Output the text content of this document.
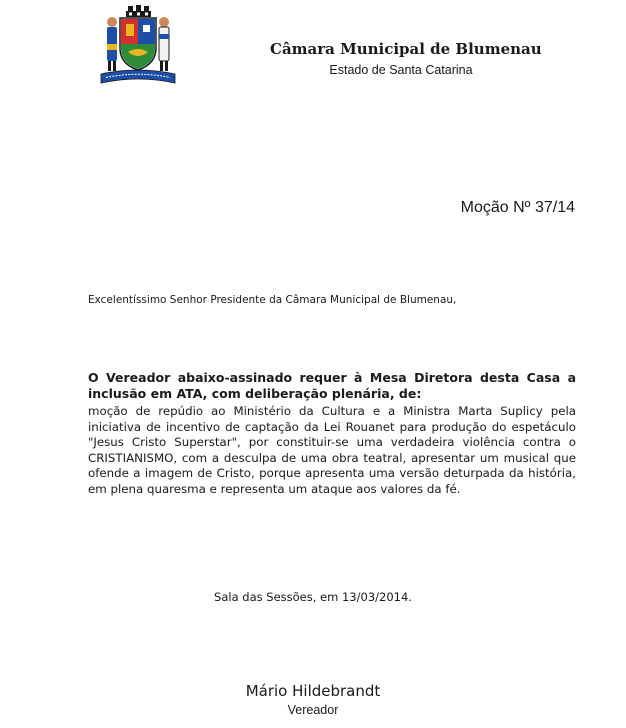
Câmara Municipal de Blumenau
Estado de Santa Catarina
Moção Nº 37/14
Excelentíssimo Senhor Presidente da Câmara Municipal de Blumenau,
O Vereador abaixo-assinado requer à Mesa Diretora desta Casa a inclusão em ATA, com deliberação plenária, de:
moção de repúdio ao Ministério da Cultura e a Ministra Marta Suplicy pela iniciativa de incentivo de captação da Lei Rouanet para produção do espetáculo "Jesus Cristo Superstar", por constituir-se uma verdadeira violência contra o CRISTIANISMO, com a desculpa de uma obra teatral, apresentar um musical que ofende a imagem de Cristo, porque apresenta uma versão deturpada da história, em plena quaresma e representa um ataque aos valores da fé.
Sala das Sessões, em 13/03/2014.
Mário Hildebrandt
Vereador
